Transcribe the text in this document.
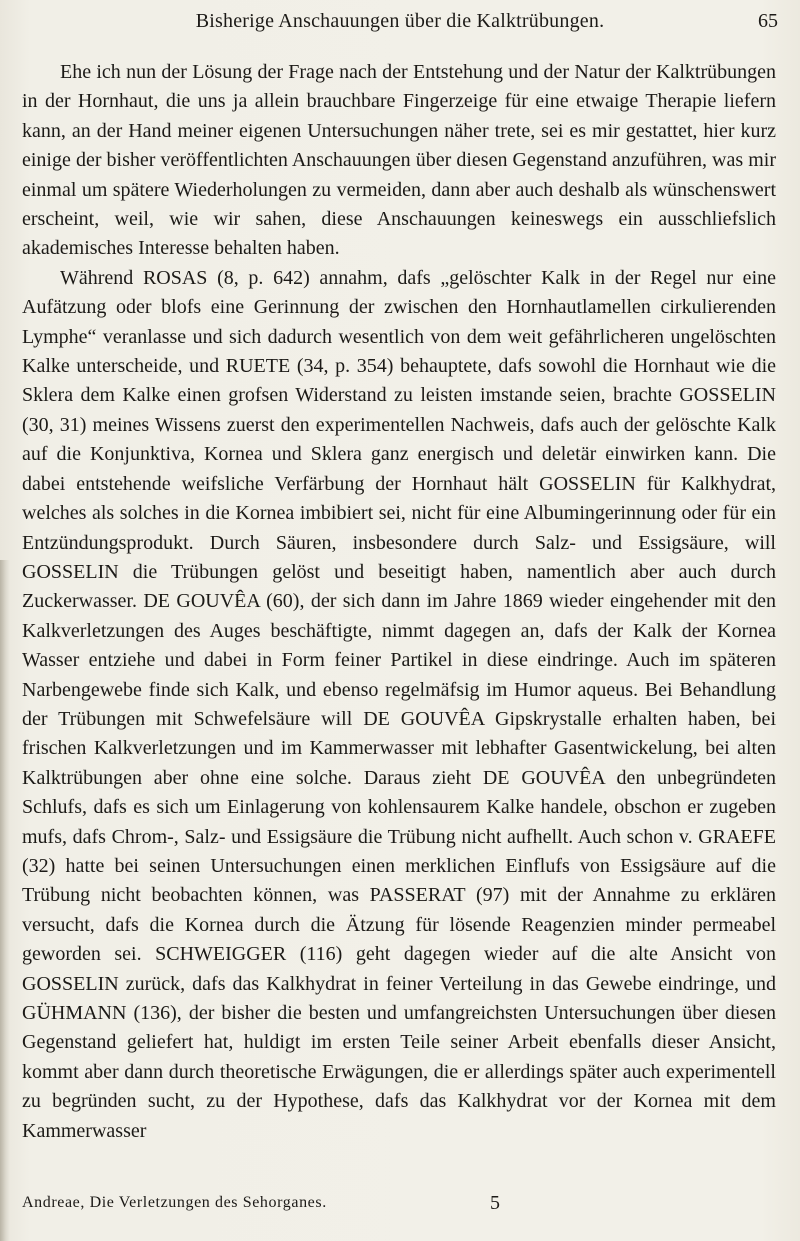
Bisherige Anschauungen über die Kalktrübungen.	65

Ehe ich nun der Lösung der Frage nach der Entstehung und der Natur der Kalktrübungen in der Hornhaut, die uns ja allein brauchbare Fingerzeige für eine etwaige Therapie liefern kann, an der Hand meiner eigenen Untersuchungen näher trete, sei es mir gestattet, hier kurz einige der bisher veröffentlichten Anschauungen über diesen Gegenstand anzuführen, was mir einmal um spätere Wiederholungen zu vermeiden, dann aber auch deshalb als wünschenswert erscheint, weil, wie wir sahen, diese Anschauungen keineswegs ein ausschliefslich akademisches Interesse behalten haben.

Während ROSAS (8, p. 642) annahm, dafs „gelöschter Kalk in der Regel nur eine Aufätzung oder blofs eine Gerinnung der zwischen den Hornhautlamellen cirkulierenden Lymphe“ veranlasse und sich dadurch wesentlich von dem weit gefährlicheren ungelöschten Kalke unterscheide, und RUETE (34, p. 354) behauptete, dafs sowohl die Hornhaut wie die Sklera dem Kalke einen grofsen Widerstand zu leisten imstande seien, brachte GOSSELIN (30, 31) meines Wissens zuerst den experimentellen Nachweis, dafs auch der gelöschte Kalk auf die Konjunktiva, Kornea und Sklera ganz energisch und deletär einwirken kann. Die dabei entstehende weifsliche Verfärbung der Hornhaut hält GOSSELIN für Kalkhydrat, welches als solches in die Kornea imbibiert sei, nicht für eine Albumingerinnung oder für ein Entzündungsprodukt. Durch Säuren, insbesondere durch Salz- und Essigsäure, will GOSSELIN die Trübungen gelöst und beseitigt haben, namentlich aber auch durch Zuckerwasser. DE GOUVÊA (60), der sich dann im Jahre 1869 wieder eingehender mit den Kalkverletzungen des Auges beschäftigte, nimmt dagegen an, dafs der Kalk der Kornea Wasser entziehe und dabei in Form feiner Partikel in diese eindringe. Auch im späteren Narbengewebe finde sich Kalk, und ebenso regelmäfsig im Humor aqueus. Bei Behandlung der Trübungen mit Schwefelsäure will DE GOUVÊA Gipskrystalle erhalten haben, bei frischen Kalkverletzungen und im Kammerwasser mit lebhafter Gasentwickelung, bei alten Kalktrübungen aber ohne eine solche. Daraus zieht DE GOUVÊA den unbegründeten Schlufs, dafs es sich um Einlagerung von kohlensaurem Kalke handele, obschon er zugeben mufs, dafs Chrom-, Salz- und Essigsäure die Trübung nicht aufhellt. Auch schon v. GRAEFE (32) hatte bei seinen Untersuchungen einen merklichen Einflufs von Essigsäure auf die Trübung nicht beobachten können, was PASSERAT (97) mit der Annahme zu erklären versucht, dafs die Kornea durch die Ätzung für lösende Reagenzien minder permeabel geworden sei. SCHWEIGGER (116) geht dagegen wieder auf die alte Ansicht von GOSSELIN zurück, dafs das Kalkhydrat in feiner Verteilung in das Gewebe eindringe, und GÜHMANN (136), der bisher die besten und umfangreichsten Untersuchungen über diesen Gegenstand geliefert hat, huldigt im ersten Teile seiner Arbeit ebenfalls dieser Ansicht, kommt aber dann durch theoretische Erwägungen, die er allerdings später auch experimentell zu begründen sucht, zu der Hypothese, dafs das Kalkhydrat vor der Kornea mit dem Kammerwasser

Andreae, Die Verletzungen des Sehorganes.	5
